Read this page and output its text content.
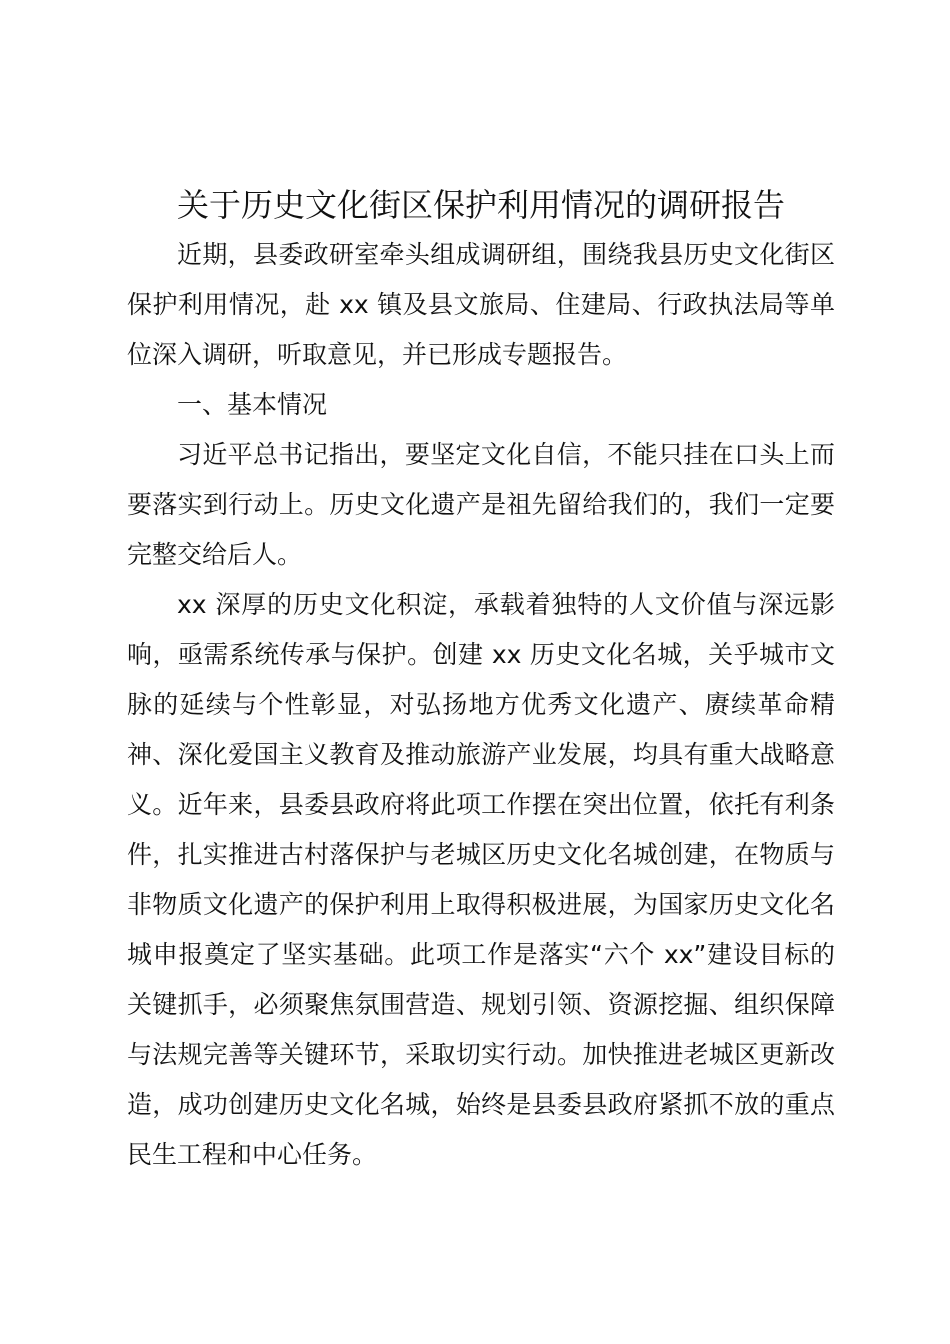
关于历史文化街区保护利用情况的调研报告

近期，县委政研室牵头组成调研组，围绕我县历史文化街区保护利用情况，赴 xx 镇及县文旅局、住建局、行政执法局等单位深入调研，听取意见，并已形成专题报告。

一、基本情况

习近平总书记指出，要坚定文化自信，不能只挂在口头上而要落实到行动上。历史文化遗产是祖先留给我们的，我们一定要完整交给后人。

xx 深厚的历史文化积淀，承载着独特的人文价值与深远影响，亟需系统传承与保护。创建 xx 历史文化名城，关乎城市文脉的延续与个性彰显，对弘扬地方优秀文化遗产、赓续革命精神、深化爱国主义教育及推动旅游产业发展，均具有重大战略意义。近年来，县委县政府将此项工作摆在突出位置，依托有利条件，扎实推进古村落保护与老城区历史文化名城创建，在物质与非物质文化遗产的保护利用上取得积极进展，为国家历史文化名城申报奠定了坚实基础。此项工作是落实“六个 xx”建设目标的关键抓手，必须聚焦氛围营造、规划引领、资源挖掘、组织保障与法规完善等关键环节，采取切实行动。加快推进老城区更新改造，成功创建历史文化名城，始终是县委县政府紧抓不放的重点民生工程和中心任务。
